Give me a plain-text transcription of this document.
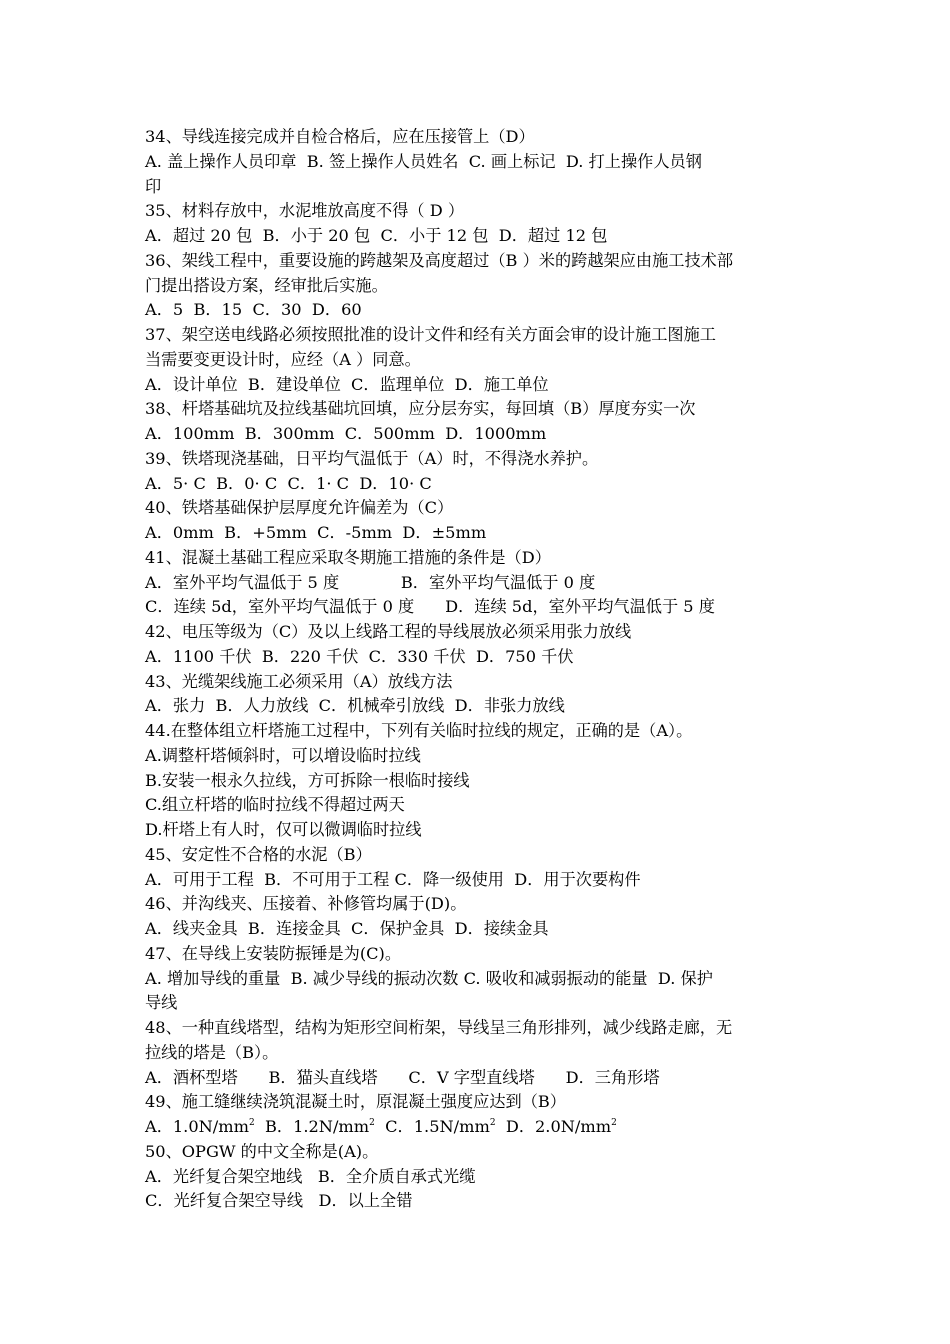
34、导线连接完成并自检合格后，应在压接管上（D）

A. 盖上操作人员印章  B. 签上操作人员姓名  C. 画上标记  D. 打上操作人员钢

印

35、材料存放中，水泥堆放高度不得（ D ）

A．超过 20 包  B．小于 20 包  C．小于 12 包  D．超过 12 包

36、架线工程中，重要设施的跨越架及高度超过（B ）米的跨越架应由施工技术部

门提出搭设方案，经审批后实施。

A．5  B．15  C．30  D．60

37、架空送电线路必须按照批准的设计文件和经有关方面会审的设计施工图施工

当需要变更设计时，应经（A ）同意。

A．设计单位  B．建设单位  C．监理单位  D．施工单位

38、杆塔基础坑及拉线基础坑回填，应分层夯实，每回填（B）厚度夯实一次

A．100mm  B．300mm  C．500mm  D．1000mm

39、铁塔现浇基础，日平均气温低于（A）时，不得浇水养护。

A．5· C  B．0· C  C．1· C  D．10· C

40、铁塔基础保护层厚度允许偏差为（C）

A．0mm  B．+5mm  C．-5mm  D．±5mm

41、混凝土基础工程应采取冬期施工措施的条件是（D）

A．室外平均气温低于 5 度            B．室外平均气温低于 0 度

C．连续 5d，室外平均气温低于 0 度      D．连续 5d，室外平均气温低于 5 度

42、电压等级为（C）及以上线路工程的导线展放必须采用张力放线

A．1100 千伏  B．220 千伏  C．330 千伏  D．750 千伏

43、光缆架线施工必须采用（A）放线方法

A．张力  B．人力放线  C．机械牵引放线  D．非张力放线

44.在整体组立杆塔施工过程中，下列有关临时拉线的规定，正确的是（A）。

A.调整杆塔倾斜时，可以增设临时拉线

B.安装一根永久拉线，方可拆除一根临时接线

C.组立杆塔的临时拉线不得超过两天

D.杆塔上有人时，仅可以微调临时拉线

45、安定性不合格的水泥（B）

A．可用于工程  B．不可用于工程 C．降一级使用  D．用于次要构件

46、并沟线夹、压接着、补修管均属于(D)。

A．线夹金具  B．连接金具  C．保护金具  D．接续金具

47、在导线上安装防振锤是为(C)。

A. 增加导线的重量  B. 减少导线的振动次数 C. 吸收和减弱振动的能量  D. 保护

导线

48、一种直线塔型，结构为矩形空间桁架，导线呈三角形排列，减少线路走廊，无

拉线的塔是（B）。

A．酒杯型塔      B．猫头直线塔      C．V 字型直线塔      D．三角形塔

49、施工缝继续浇筑混凝土时，原混凝土强度应达到（B）

A．$1.0N/mm^2$ B．$1.2N/mm^2$ C．$1.5N/mm^2$ D．$2.0N/mm^2$

50、OPGW 的中文全称是(A)。

A．光纤复合架空地线   B．全介质自承式光缆

C．光纤复合架空导线   D．以上全错
